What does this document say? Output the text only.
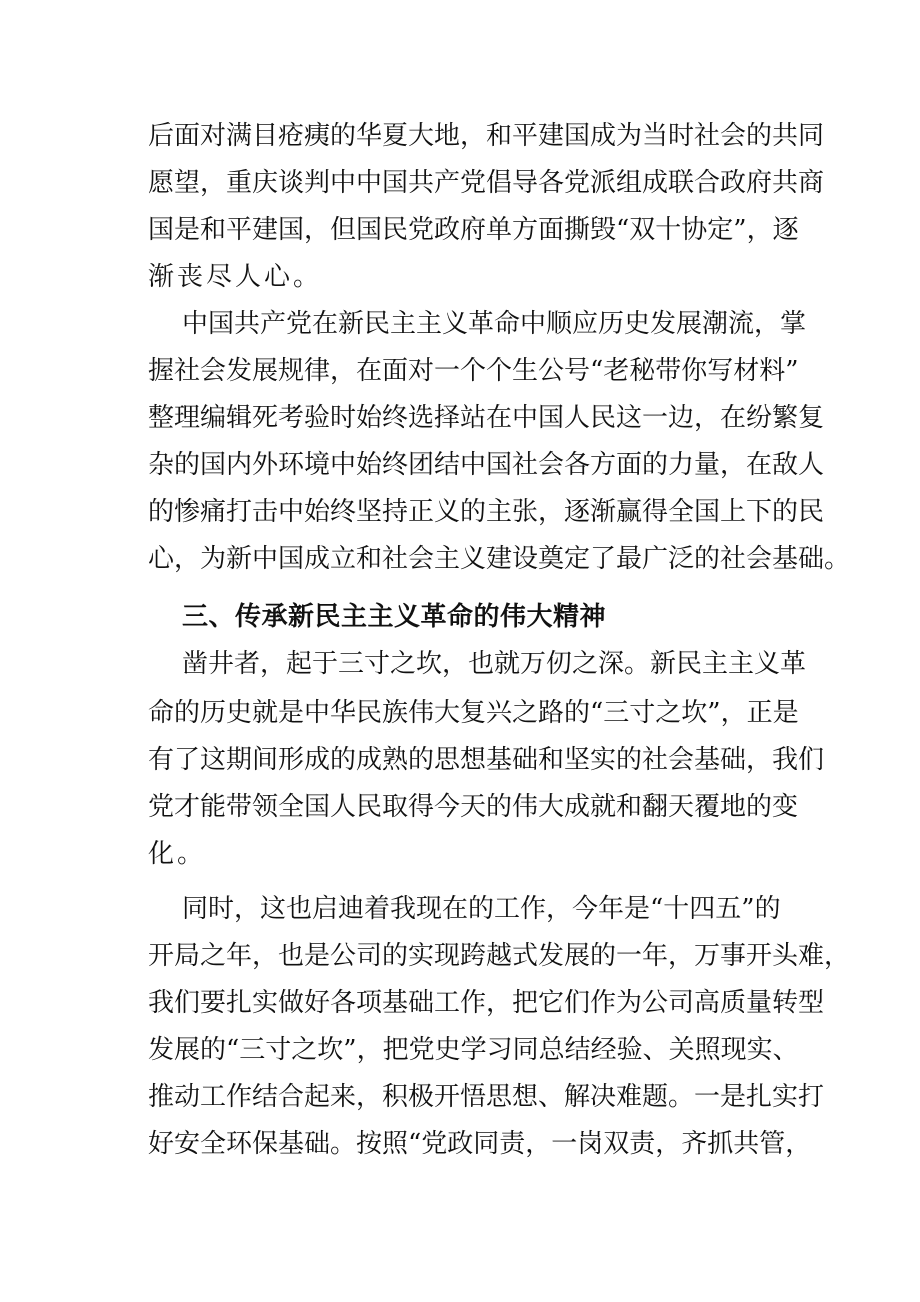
后面对满目疮痍的华夏大地，和平建国成为当时社会的共同

愿望，重庆谈判中中国共产党倡导各党派组成联合政府共商

国是和平建国，但国民党政府单方面撕毁“双十协定”，逐

渐丧尽人心。

中国共产党在新民主主义革命中顺应历史发展潮流，掌

握社会发展规律，在面对一个个生公号“老秘带你写材料”

整理编辑死考验时始终选择站在中国人民这一边，在纷繁复

杂的国内外环境中始终团结中国社会各方面的力量，在敌人

的惨痛打击中始终坚持正义的主张，逐渐赢得全国上下的民

心，为新中国成立和社会主义建设奠定了最广泛的社会基础。

三、传承新民主主义革命的伟大精神

凿井者，起于三寸之坎，也就万仞之深。新民主主义革

命的历史就是中华民族伟大复兴之路的“三寸之坎”，正是

有了这期间形成的成熟的思想基础和坚实的社会基础，我们

党才能带领全国人民取得今天的伟大成就和翻天覆地的变

化。

同时，这也启迪着我现在的工作，今年是“十四五”的

开局之年，也是公司的实现跨越式发展的一年，万事开头难，

我们要扎实做好各项基础工作，把它们作为公司高质量转型

发展的“三寸之坎”，把党史学习同总结经验、关照现实、

推动工作结合起来，积极开悟思想、解决难题。一是扎实打

好安全环保基础。按照“党政同责，一岗双责，齐抓共管，
